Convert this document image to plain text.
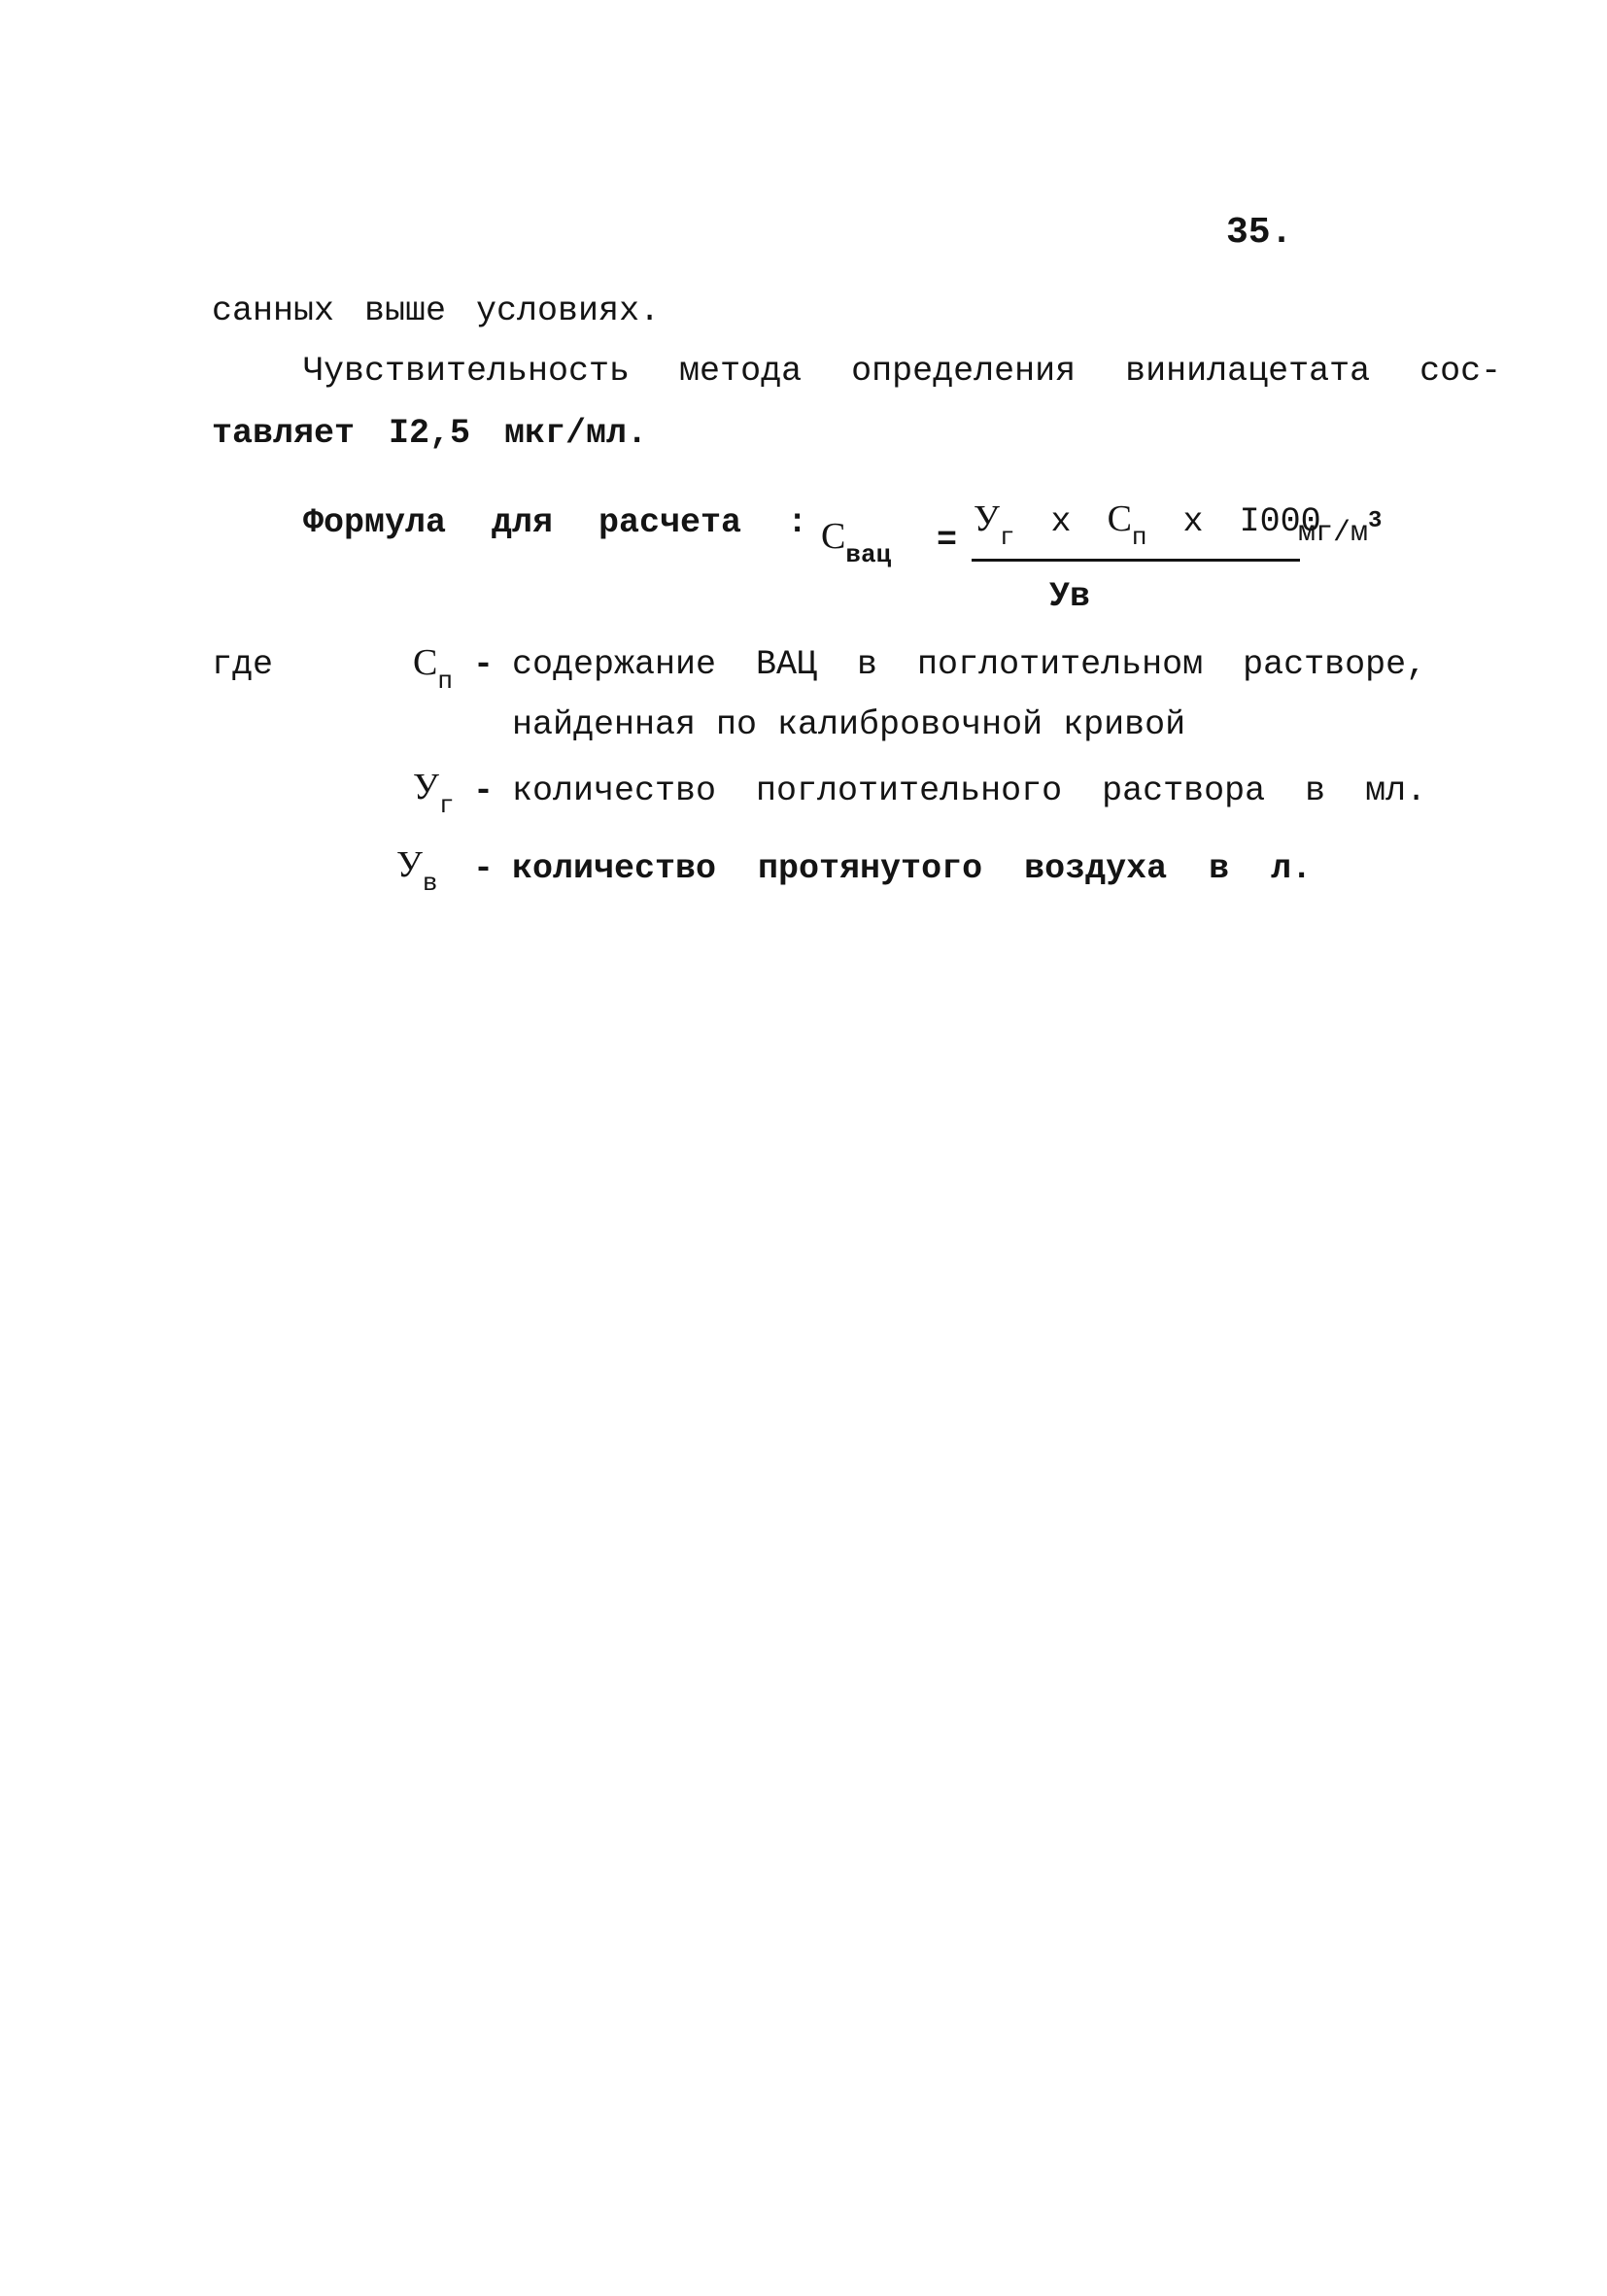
35.
санных выше условиях.
Чувствительность метода определения винилацетата сос-
тавляет I2,5 мкг/мл.
Формула для расчета : $C_{вац}$ =
$У_г$ x $C_п$ x I000
$мг/м^3$
Ув
где	$C_п$ - содержание ВАЦ в поглотительном растворе,
найденная по калибровочной кривой
$У_г$ - количество поглотительного раствора в мл.
$У_в$ - количество протянутого воздуха в л.
